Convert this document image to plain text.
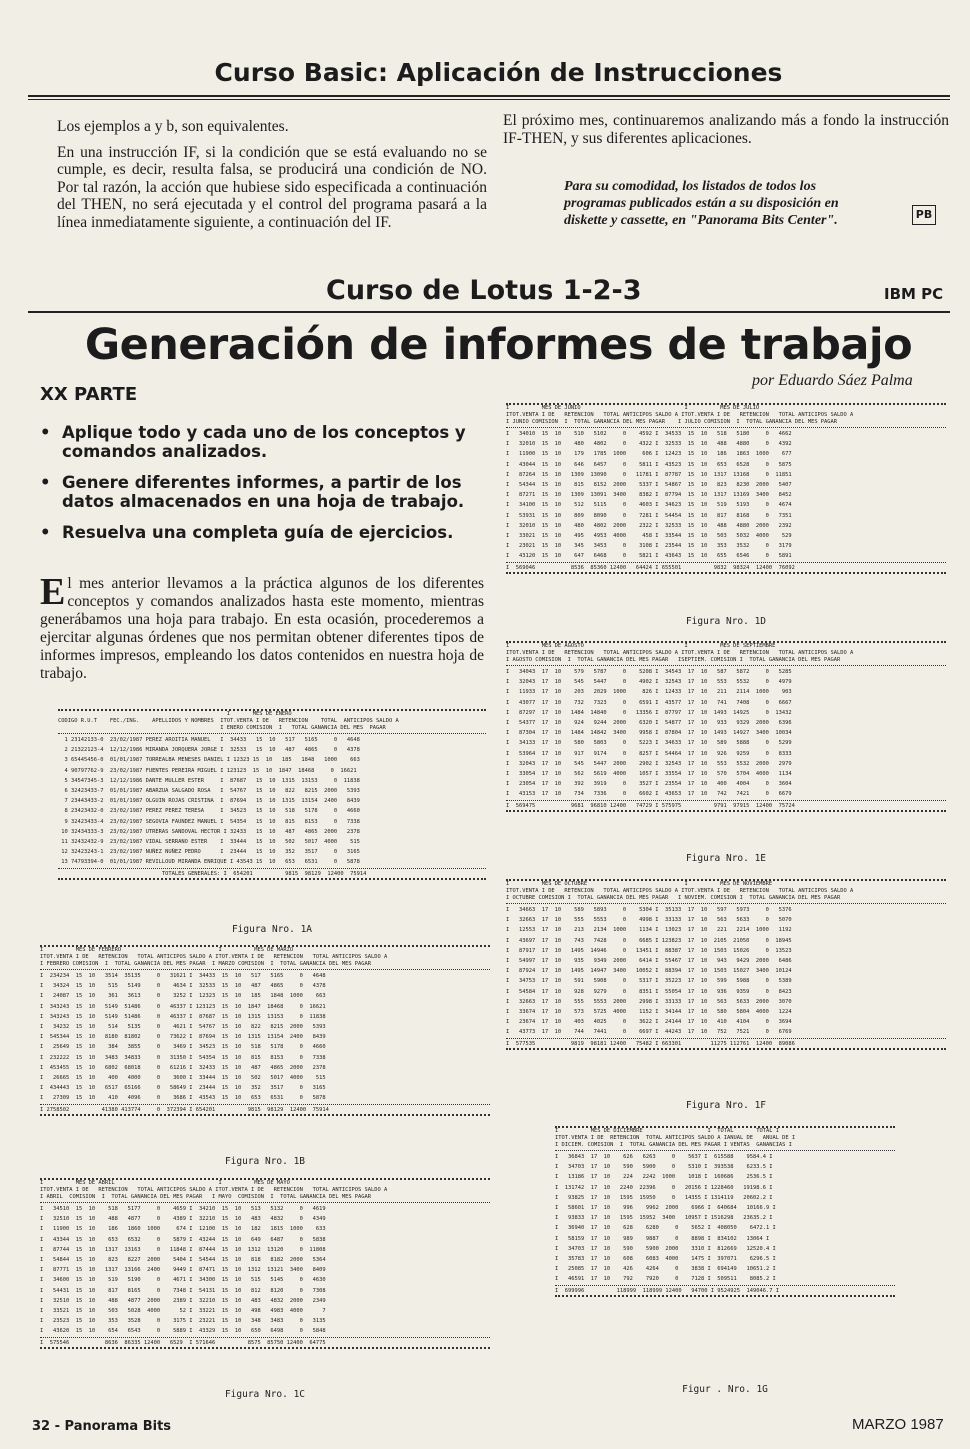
Curso Basic: Aplicación de Instrucciones

Los ejemplos a y b, son equivalentes.

En una instrucción IF, si la condición que se está evaluando no se cumple, es decir, resulta falsa, se producirá una condición de NO. Por tal razón, la acción que hubiese sido especificada a continuación del THEN, no será ejecutada y el control del programa pasará a la línea inmediatamente siguiente, a continuación del IF.

El próximo mes, continuaremos analizando más a fondo la instrucción IF-THEN, y sus diferentes aplicaciones.
Para su comodidad, los listados de todos los programas publicados están a su disposición en diskette y cassette, en "Panorama Bits Center".	PB
Curso de Lotus 1-2-3	IBM PC
Generación de informes de trabajo
por Eduardo Sáez Palma
XX PARTE
• Aplique todo y cada uno de los conceptos y comandos analizados.
• Genere diferentes informes, a partir de los datos almacenados en una hoja de trabajo.
• Resuelva una completa guía de ejercicios.
E l mes anterior llevamos a la práctica algunos de los diferentes conceptos y comandos analizados hasta este momento, mientras generábamos una hoja para trabajo. En esta ocasión, procederemos a ejercitar algunas órdenes que nos permitan obtener diferentes tipos de informes impresos, empleando los datos contenidos en nuestra hoja de trabajo.
I       MES DE ENERO
CODIGO R.U.T    FEC./ING.    APELLIDOS Y NOMBRES  ITOT.VENTA I DE   RETENCION    TOTAL  ANTICIPOS SALDO A
I ENERO COMISION  I   TOTAL GANANCIA DEL MES  PAGAR
1 23142133-0  23/02/1987 PEREZ AROITIA MANUEL   I  34433   15  10   517   5165     0   4648
2 21322123-4  12/12/1986 MIRANDA JORQUERA JORGE I  32533   15  10   487   4865     0   4378
3 65445456-0  01/01/1987 TORREALBA MENESES DANIEL I 12323 15  10   185   1848   1000    663
4 90797762-9  23/02/1987 FUENTES PEREIRA MIGUEL I 123123  15  10  1847  18468     0  16621
5 34547345-3  12/12/1986 DANTE MULLER ESTER     I  87687   15  10  1315  13153     0  11838
6 32423433-7  01/01/1987 ABARZUA SALGADO ROSA   I  54767   15  10   822   8215  2000   5393
7 23443433-2  01/01/1987 OLGUIN ROJAS CRISTINA  I  87694   15  10  1315  13154  2400   8439
8 23423432-0  23/02/1987 PEREZ PEREZ TERESA     I  34523   15  10   518   5178     0   4660
9 32423433-4  23/02/1987 SEGOVIA FAUNDEZ MANUEL I  54354   15  10   815   8153     0   7338
10 32434333-3  23/02/1987 UTRERAS SANDOVAL HECTOR I 32433   15  10   487   4865  2000   2378
11 32432432-9  23/02/1987 VIDAL SERRANO ESTER    I  33444   15  10   502   5017  4000    515
12 32423243-1  23/02/1987 NUÑEZ NUÑEZ PEDRO      I  23444   15  10   352   3517     0   3165
13 74793394-0  01/01/1987 REVILLOUD MIRANDA ENRIQUE I 43543 15  10   653   6531     0   5878
TOTALES GENERALES: I  654201          9815  98129  12400  75914
Figura Nro. 1A
I          MES DE FEBRERO                              I          MES DE MARZO
ITOT.VENTA I DE   RETENCION   TOTAL ANTICIPOS SALDO A ITOT.VENTA I DE   RETENCION   TOTAL ANTICIPOS SALDO A
I FEBRERO COMISION  I  TOTAL GANANCIA DEL MES PAGAR  I MARZO COMISION  I  TOTAL GANANCIA DEL MES PAGAR
I  234234  15  10   3514  35135     0   31621 I  34433  15  10   517   5165     0   4648
I   34324  15  10    515   5149     0    4634 I  32533  15  10   487   4865     0   4378
I   24087  15  10    361   3613     0    3252 I  12323  15  10   185   1848  1000    663
I  343243  15  10   5149  51486     0   46337 I 123123  15  10  1847  18468     0  16621
I  343243  15  10   5149  51486     0   46337 I  87687  15  10  1315  13153     0  11838
I   34232  15  10    514   5135     0    4621 I  54767  15  10   822   8215  2000   5393
I  545344  15  10   8180  81802     0   73622 I  87694  15  10  1315  13154  2400   8439
I   25649  15  10    384   3855     0    3469 I  34523  15  10   518   5178     0   4660
I  232222  15  10   3483  34833     0   31350 I  54354  15  10   815   8153     0   7338
I  453455  15  10   6802  68018     0   61216 I  32433  15  10   487   4865  2000   2378
I   26665  15  10    400   4000     0    3600 I  33444  15  10   502   5017  4000    515
I  434443  15  10   6517  65166     0   58649 I  23444  15  10   352   3517     0   3165
I   27309  15  10    410   4096     0    3686 I  43543  15  10   653   6531     0   5878
I 2758502          41380 413774     0  372394 I 654201          9815  98129  12400  75914
Figura Nro. 1B
I          MES DE ABRIL                                I          MES DE MAYO
ITOT.VENTA I DE   RETENCION   TOTAL ANTICIPOS SALDO A ITOT.VENTA I DE   RETENCION   TOTAL ANTICIPOS SALDO A
I ABRIL  COMISION  I  TOTAL GANANCIA DEL MES PAGAR   I MAYO  COMISION  I  TOTAL GANANCIA DEL MES PAGAR
I   34510  15  10    518   5177     0    4659 I  34210  15  10   513   5132     0   4619
I   32510  15  10    488   4877     0    4389 I  32210  15  10   483   4832     0   4349
I   11900  15  10    186   1860  1000     674 I  12100  15  10   182   1815  1000    633
I   43344  15  10    653   6532     0    5879 I  43244  15  10   649   6487     0   5838
I   87744  15  10   1317  13163     0   11848 I  87444  15  10  1312  13120     0  11808
I   54844  15  10    823   8227  2000    5404 I  54544  15  10   818   8182  2000   5364
I   87771  15  10   1317  13166  2400    9449 I  87471  15  10  1312  13121  3400   8409
I   34600  15  10    519   5190     0    4671 I  34300  15  10   515   5145     0   4630
I   54431  15  10    817   8165     0    7348 I  54131  15  10   812   8120     0   7308
I   32510  15  10    488   4877  2000    2389 I  32210  15  10   483   4832  2000   2349
I   33521  15  10    503   5028  4000      52 I  33221  15  10   498   4983  4000      7
I   23523  15  10    353   3528     0    3175 I  23221  15  10   348   3483     0   3135
I   43620  15  10    654   6543     0    5889 I  43329  15  10   650   6498     0   5848
I  575546           8636  86335 12400   6529  I 571646          8575  85750 12400  64775
Figura Nro. 1C
I          MES DE JUNIO                                I          MES DE JULIO
ITOT.VENTA I DE   RETENCION   TOTAL ANTICIPOS SALDO A ITOT.VENTA I DE   RETENCION   TOTAL ANTICIPOS SALDO A
I JUNIO COMISION  I  TOTAL GANANCIA DEL MES PAGAR    I JULIO COMISION  I  TOTAL GANANCIA DEL MES PAGAR
I   34010  15  10    510   5102     0    4592 I  34533  15  10   518   5180     0   4662
I   32010  15  10    480   4802     0    4322 I  32533  15  10   488   4880     0   4392
I   11900  15  10    179   1785  1000     606 I  12423  15  10   186   1863  1000    677
I   43044  15  10    646   6457     0    5811 I  43523  15  10   653   6528     0   5875
I   87264  15  10   1309  13090     0   11781 I  87787  15  10  1317  13168     0  11851
I   54344  15  10    815   8152  2000    5337 I  54867  15  10   823   8230  2000   5407
I   87271  15  10   1309  13091  3400    8382 I  87794  15  10  1317  13169  3400   8452
I   34100  15  10    512   5115     0    4603 I  34623  15  10   519   5193     0   4674
I   53931  15  10    809   8090     0    7281 I  54454  15  10   817   8168     0   7351
I   32010  15  10    480   4802  2000    2322 I  32533  15  10   488   4880  2000   2392
I   33021  15  10    495   4953  4000     458 I  33544  15  10   503   5032  4000    529
I   23021  15  10    345   3453     0    3108 I  23544  15  10   353   3532     0   3179
I   43120  15  10    647   6468     0    5821 I  43643  15  10   655   6546     0   5891
I  569046           8536  85360 12400   64424 I 655501          9832  98324  12400  76092
Figura Nro. 1D
I          MES DE AGOSTO                               I          MES DE SEPTIEMBRE
ITOT.VENTA I DE   RETENCION   TOTAL ANTICIPOS SALDO A ITOT.VENTA I DE   RETENCION   TOTAL ANTICIPOS SALDO A
I AGOSTO COMISION  I  TOTAL GANANCIA DEL MES PAGAR   ISEPTIEM. COMISION I  TOTAL GANANCIA DEL MES PAGAR
I   34043  17  10    579   5787     0    5208 I  34543  17  10   587   5872     0   5285
I   32043  17  10    545   5447     0    4902 I  32543  17  10   553   5532     0   4979
I   11933  17  10    203   2029  1000     826 I  12433  17  10   211   2114  1000    903
I   43077  17  10    732   7323     0    6591 I  43577  17  10   741   7408     0   6667
I   87297  17  10   1484  14840     0   13356 I  87797  17  10  1493  14925     0  13432
I   54377  17  10    924   9244  2000    6320 I  54877  17  10   933   9329  2000   6396
I   87304  17  10   1484  14842  3400    9958 I  87804  17  10  1493  14927  3400  10034
I   34133  17  10    580   5803     0    5223 I  34633  17  10   589   5888     0   5299
I   53964  17  10    917   9174     0    8257 I  54464  17  10   926   9259     0   8333
I   32043  17  10    545   5447  2000    2902 I  32543  17  10   553   5532  2000   2979
I   33054  17  10    562   5619  4000    1057 I  33554  17  10   570   5704  4000   1134
I   23054  17  10    392   3919     0    3527 I  23554  17  10   400   4004     0   3604
I   43153  17  10    734   7336     0    6602 I  43653  17  10   742   7421     0   6679
I  569475           9681  96810 12400   74729 I 575975          9791  97915  12400  75724
Figura Nro. 1E
I          MES DE OCTUBRE                              I          MES DE NOVIEMBRE
ITOT.VENTA I DE   RETENCION   TOTAL ANTICIPOS SALDO A ITOT.VENTA I DE   RETENCION   TOTAL ANTICIPOS SALDO A
I OCTUBRE COMISION I  TOTAL GANANCIA DEL MES PAGAR   I NOVIEM. COMISION I  TOTAL GANANCIA DEL MES PAGAR
I   34663  17  10    589   5893     0    5304 I  35133  17  10   597   5973     0   5376
I   32663  17  10    555   5553     0    4998 I  33133  17  10   563   5633     0   5070
I   12553  17  10    213   2134  1000    1134 I  13023  17  10   221   2214  1000   1192
I   43697  17  10    743   7428     0    6685 I 123823  17  10  2105  21050     0  18945
I   87917  17  10   1495  14946     0   13451 I  88387  17  10  1503  15026     0  13523
I   54997  17  10    935   9349  2000    6414 I  55467  17  10   943   9429  2000   6486
I   87924  17  10   1495  14947  3400   10052 I  88394  17  10  1503  15027  3400  10124
I   34753  17  10    591   5908     0    5317 I  35223  17  10   599   5988     0   5389
I   54584  17  10    928   9279     0    8351 I  55054  17  10   936   9359     0   8423
I   32663  17  10    555   5553  2000    2998 I  33133  17  10   563   5633  2000   3070
I   33674  17  10    573   5725  4000    1152 I  34144  17  10   580   5804  4000   1224
I   23674  17  10    403   4025     0    3622 I  24144  17  10   410   4104     0   3694
I   43773  17  10    744   7441     0    6697 I  44243  17  10   752   7521     0   6769
I  577535           9819  98181 12400   75482 I 663301         11275 112761  12400  89086
Figura Nro. 1F
I          MES DE DICIEMBRE                    I  TOTAL       TOTAL I
ITOT.VENTA I DE  RETENCION  TOTAL ANTICIPOS SALDO A IANUAL DE   ANUAL DE I
I DICIEM. COMISION  I  TOTAL GANANCIA DEL MES PAGAR I VENTAS  GANANCIAS I
I   36843  17  10    626   6263     0    5637 I  615588    9584.4 I
I   34703  17  10    590   5900     0    5310 I  393538    6233.5 I
I   13186  17  10    224   2242  1000    1018 I  160686    2536.5 I
I  131742  17  10   2240  22396     0   20156 I 1228460   19198.6 I
I   93825  17  10   1595  15950     0   14355 I 1314119   20602.2 I
I   58601  17  10    996    9962  2000    6966 I  640684   10166.9 I
I   93833  17  10   1595  15952  3400   10957 I 1516298   23635.2 I
I   36940  17  10    628    6280     0    5652 I  408050    6472.1 I
I   58159  17  10    989    9887     0    8898 I  834102   13064 I
I   34703  17  10    590    5900  2000    3310 I  812669   12520.4 I
I   35783  17  10    608    6083  4000    1475 I  397071    6296.5 I
I   25085  17  10    426    4264     0    3838 I  694149   10651.2 I
I   46591  17  10    792    7920     0    7128 I  509511    8085.2 I
I  699996          118999  118999 12400   94700 I 9524925  149046.7 I
Figur . Nro. 1G
32 - Panorama Bits	MARZO 1987
